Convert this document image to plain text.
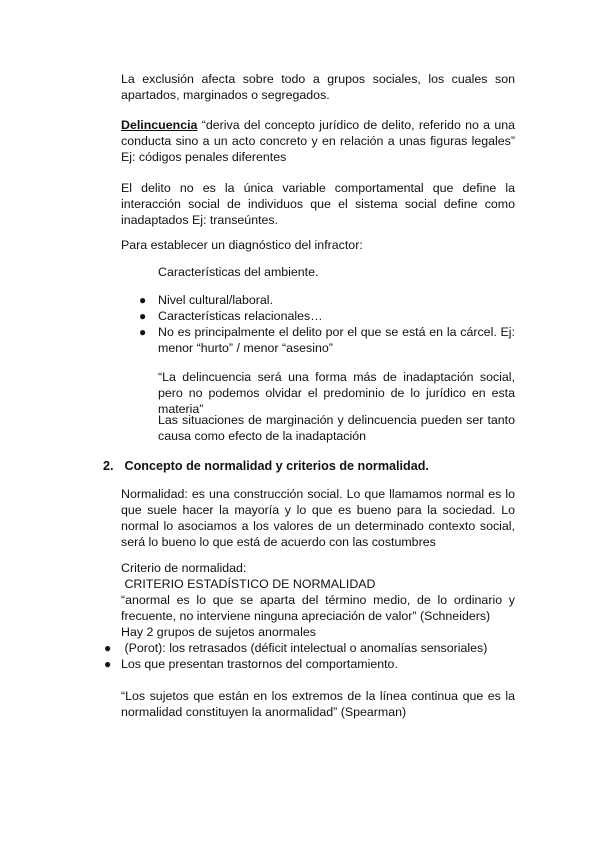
La exclusión afecta sobre todo a grupos sociales, los cuales son apartados, marginados o segregados.
Delincuencia “deriva del concepto jurídico de delito, referido no a una conducta sino a un acto concreto y en relación a unas figuras legales” Ej: códigos penales diferentes
El delito no es la única variable comportamental que define la interacción social de individuos que el sistema social define como inadaptados Ej: transeúntes.
Para establecer un diagnóstico del infractor:
Características del ambiente.
● Nivel cultural/laboral.
● Características relacionales…
● No es principalmente el delito por el que se está en la cárcel. Ej: menor “hurto” / menor “asesino”
“La delincuencia será una forma más de inadaptación social, pero no podemos olvidar el predominio de lo jurídico en esta materia”
Las situaciones de marginación y delincuencia pueden ser tanto causa como efecto de la inadaptación
2. Concepto de normalidad y criterios de normalidad.
Normalidad: es una construcción social. Lo que llamamos normal es lo que suele hacer la mayoría y lo que es bueno para la sociedad. Lo normal lo asociamos a los valores de un determinado contexto social, será lo bueno lo que está de acuerdo con las costumbres
Criterio de normalidad:
CRITERIO ESTADÍSTICO DE NORMALIDAD
“anormal es lo que se aparta del término medio, de lo ordinario y frecuente, no interviene ninguna apreciación de valor” (Schneiders)
Hay 2 grupos de sujetos anormales
● (Porot): los retrasados (déficit intelectual o anomalías sensoriales)
● Los que presentan trastornos del comportamiento.
“Los sujetos que están en los extremos de la línea continua que es la normalidad constituyen la anormalidad” (Spearman)
